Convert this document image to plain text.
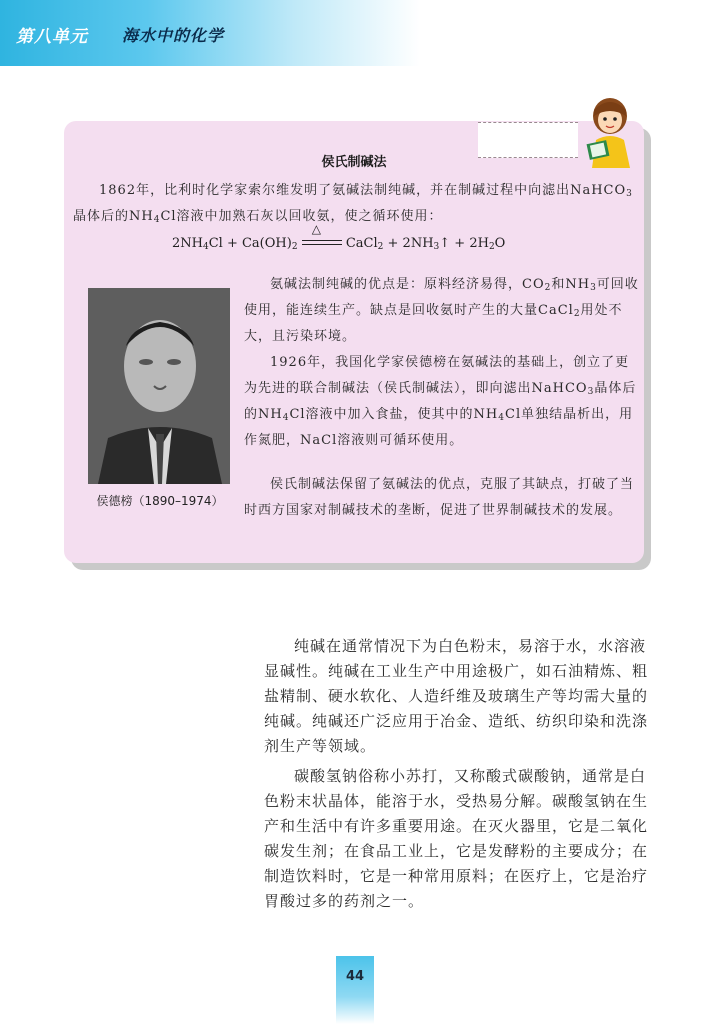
第八单元 海水中的化学
侯氏制碱法

1862年，比利时化学家索尔维发明了氨碱法制纯碱，并在制碱过程中向滤出NaHCO$_3$晶体后的$NH_4Cl$溶液中加熟石灰以回收氨，使之循环使用：

$2NH_4Cl + Ca(OH)_2$
△
CaCl$_2$ + $2NH_3↑ + 2H_2O$
侯德榜（1890–1974）

氨碱法制纯碱的优点是：原料经济易得，$CO_2$和$NH_3$可回收使用，能连续生产。缺点是回收氨时产生的大量CaCl$_2$用处不大，且污染环境。

1926年，我国化学家侯德榜在氨碱法的基础上，创立了更为先进的联合制碱法（侯氏制碱法），即向滤出NaHCO$_3$晶体后的$NH_4Cl$溶液中加入食盐，使其中的$NH_4Cl$单独结晶析出，用作氮肥，NaCl溶液则可循环使用。

侯氏制碱法保留了氨碱法的优点，克服了其缺点，打破了当时西方国家对制碱技术的垄断，促进了世界制碱技术的发展。

纯碱在通常情况下为白色粉末，易溶于水，水溶液显碱性。纯碱在工业生产中用途极广，如石油精炼、粗盐精制、硬水软化、人造纤维及玻璃生产等均需大量的纯碱。纯碱还广泛应用于冶金、造纸、纺织印染和洗涤剂生产等领域。

碳酸氢钠俗称小苏打，又称酸式碳酸钠，通常是白色粉末状晶体，能溶于水，受热易分解。碳酸氢钠在生产和生活中有许多重要用途。在灭火器里，它是二氧化碳发生剂；在食品工业上，它是发酵粉的主要成分；在制造饮料时，它是一种常用原料；在医疗上，它是治疗胃酸过多的药剂之一。

44
